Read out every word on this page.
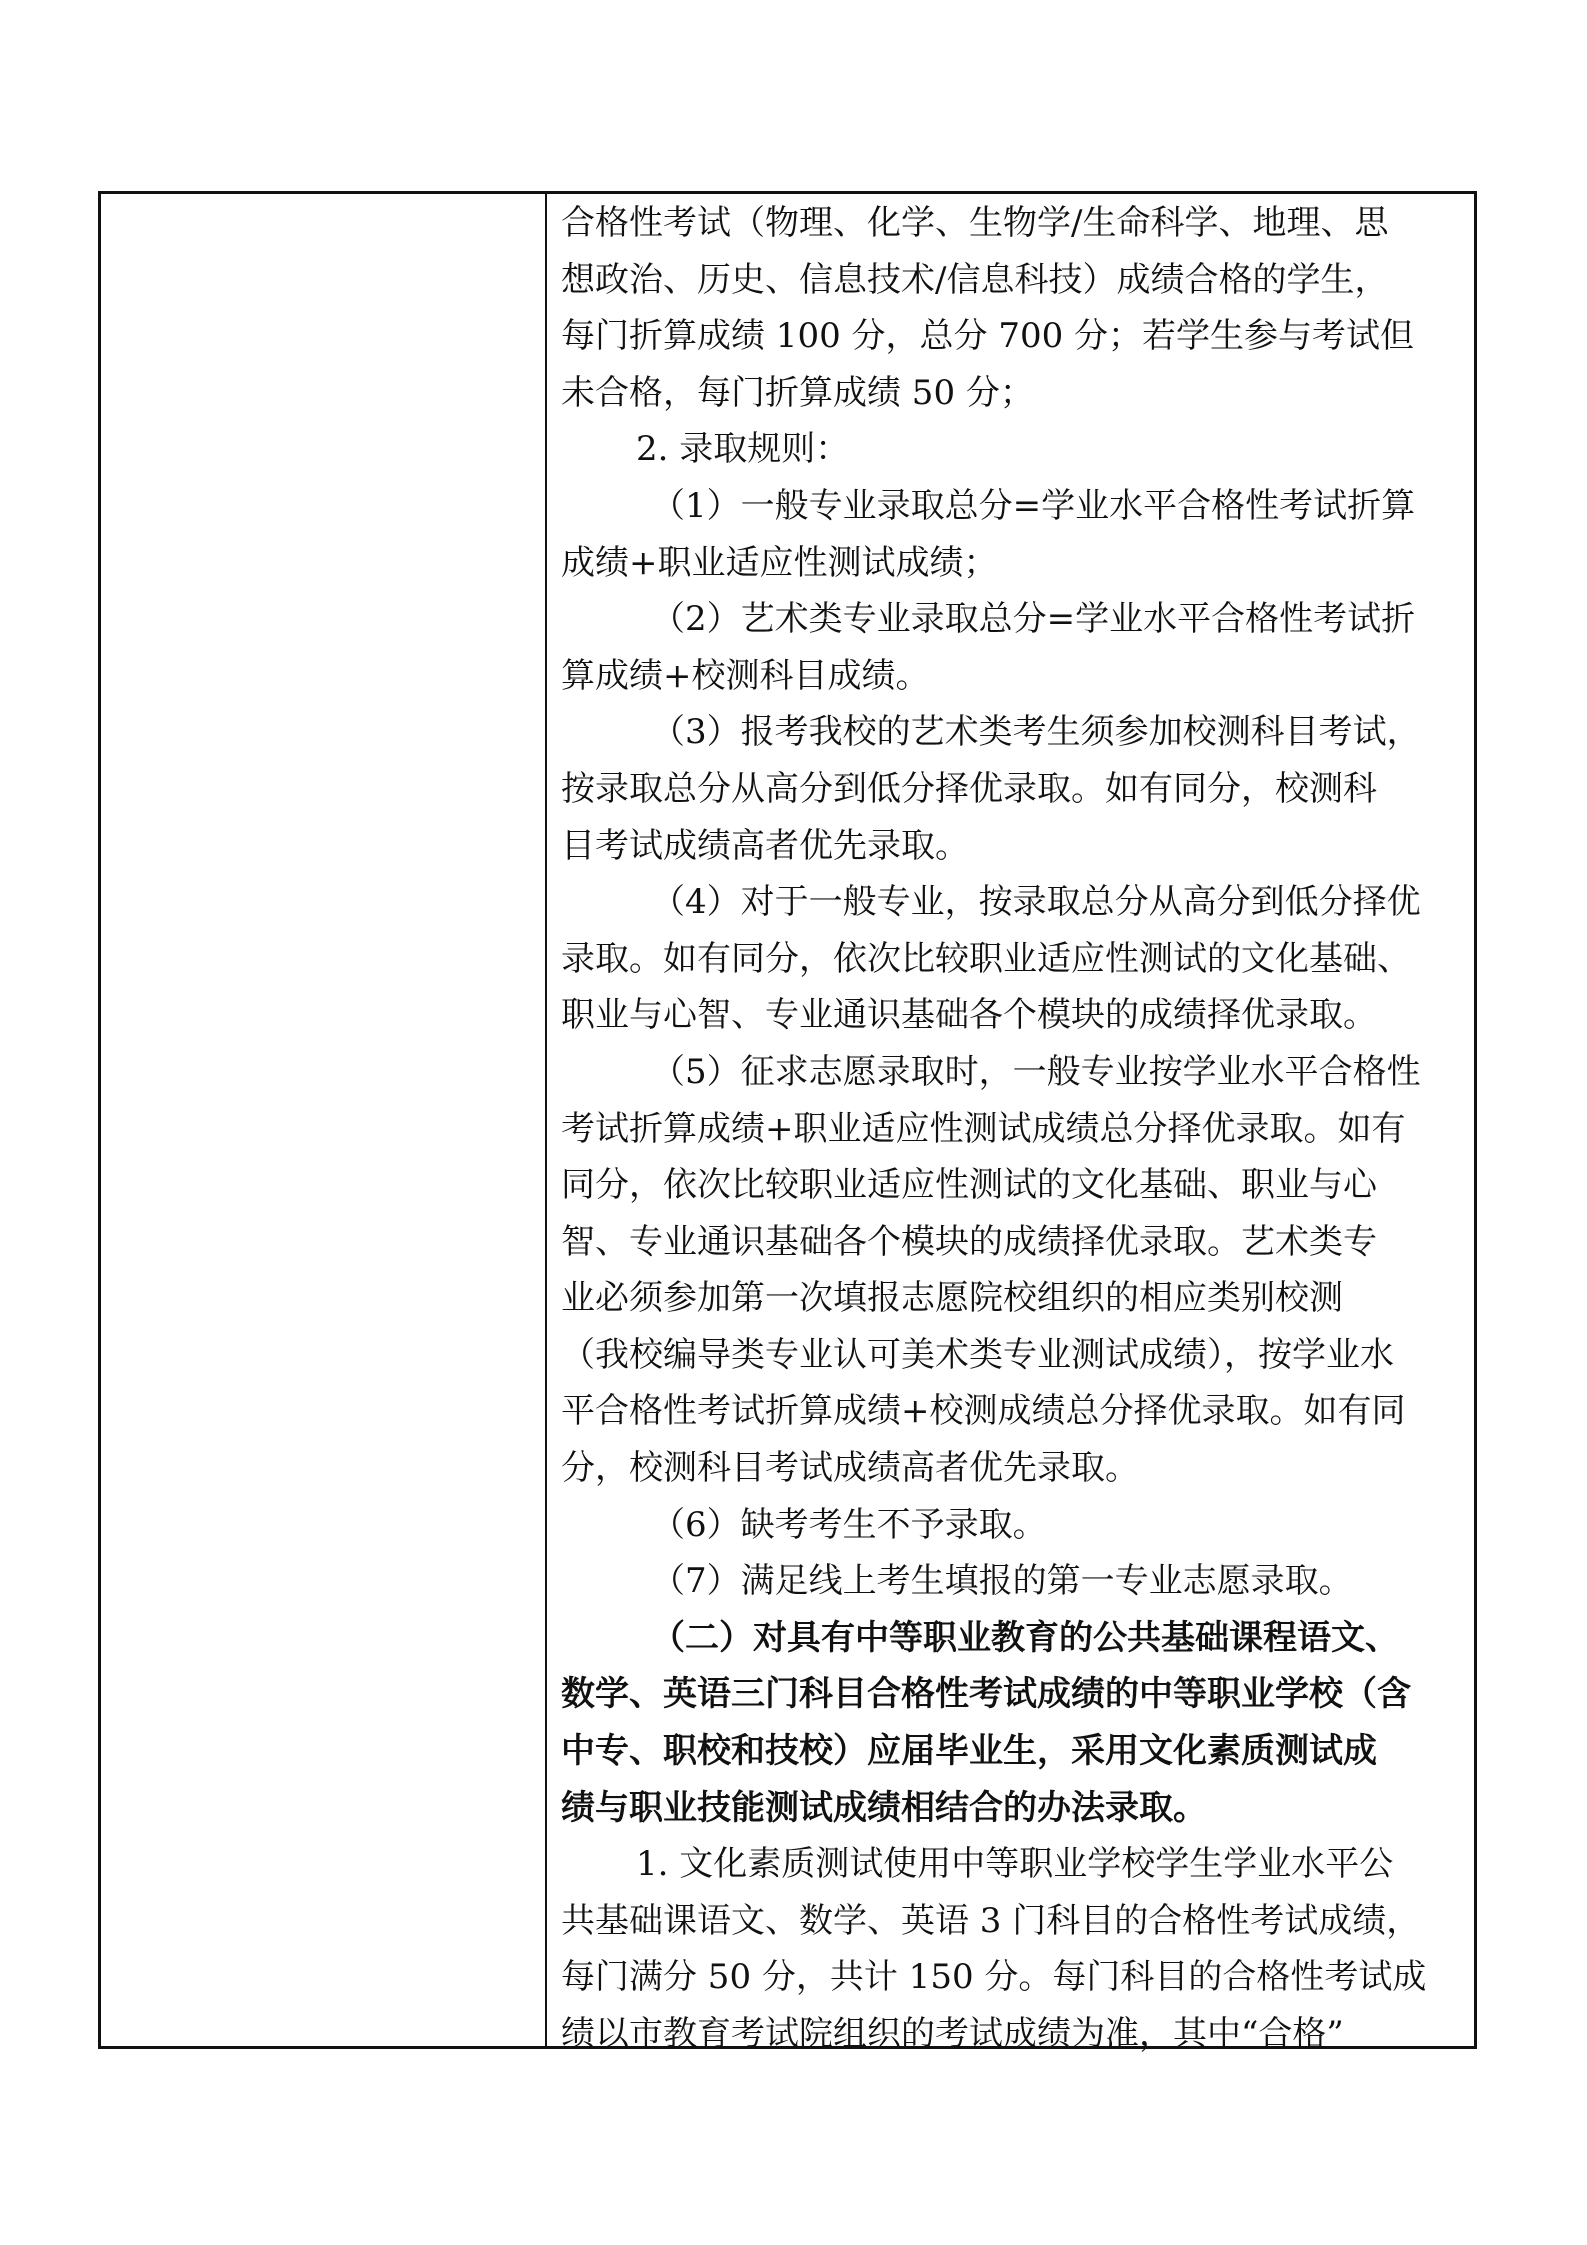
合格性考试（物理、化学、生物学/生命科学、地理、思

想政治、历史、信息技术/信息科技）成绩合格的学生，

每门折算成绩 100 分，总分 700 分；若学生参与考试但

未合格，每门折算成绩 50 分；

2. 录取规则：

（1）一般专业录取总分=学业水平合格性考试折算

成绩+职业适应性测试成绩；

（2）艺术类专业录取总分=学业水平合格性考试折

算成绩+校测科目成绩。

（3）报考我校的艺术类考生须参加校测科目考试，

按录取总分从高分到低分择优录取。如有同分，校测科

目考试成绩高者优先录取。

（4）对于一般专业，按录取总分从高分到低分择优

录取。如有同分，依次比较职业适应性测试的文化基础、

职业与心智、专业通识基础各个模块的成绩择优录取。

（5）征求志愿录取时，一般专业按学业水平合格性

考试折算成绩+职业适应性测试成绩总分择优录取。如有

同分，依次比较职业适应性测试的文化基础、职业与心

智、专业通识基础各个模块的成绩择优录取。艺术类专

业必须参加第一次填报志愿院校组织的相应类别校测

（我校编导类专业认可美术类专业测试成绩），按学业水

平合格性考试折算成绩+校测成绩总分择优录取。如有同

分，校测科目考试成绩高者优先录取。

（6）缺考考生不予录取。

（7）满足线上考生填报的第一专业志愿录取。

（二）对具有中等职业教育的公共基础课程语文、

数学、英语三门科目合格性考试成绩的中等职业学校（含

中专、职校和技校）应届毕业生，采用文化素质测试成

绩与职业技能测试成绩相结合的办法录取。

1. 文化素质测试使用中等职业学校学生学业水平公

共基础课语文、数学、英语 3 门科目的合格性考试成绩，

每门满分 50 分，共计 150 分。每门科目的合格性考试成

绩以市教育考试院组织的考试成绩为准，其中“合格”
